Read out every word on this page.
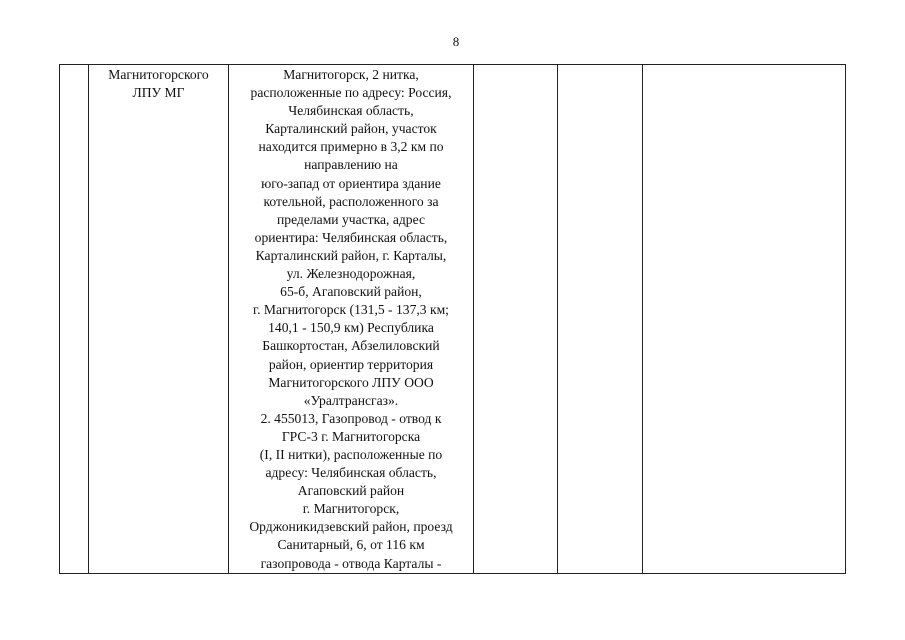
8

Магнитогорского
ЛПУ МГ

Магнитогорск, 2 нитка,
расположенные по адресу: Россия,
Челябинская область,
Карталинский район, участок
находится примерно в 3,2 км по
направлению на
юго-запад от ориентира здание
котельной, расположенного за
пределами участка, адрес
ориентира: Челябинская область,
Карталинский район, г. Карталы,
ул. Железнодорожная,
65-б, Агаповский район,
г. Магнитогорск (131,5 - 137,3 км;
140,1 - 150,9 км) Республика
Башкортостан, Абзелиловский
район, ориентир территория
Магнитогорского ЛПУ ООО
«Уралтрансгаз».
2. 455013, Газопровод - отвод к
ГРС-3 г. Магнитогорска
(I, II нитки), расположенные по
адресу: Челябинская область,
Агаповский район
г. Магнитогорск,
Орджоникидзевский район, проезд
Санитарный, 6, от 116 км
газопровода - отвода Карталы -
